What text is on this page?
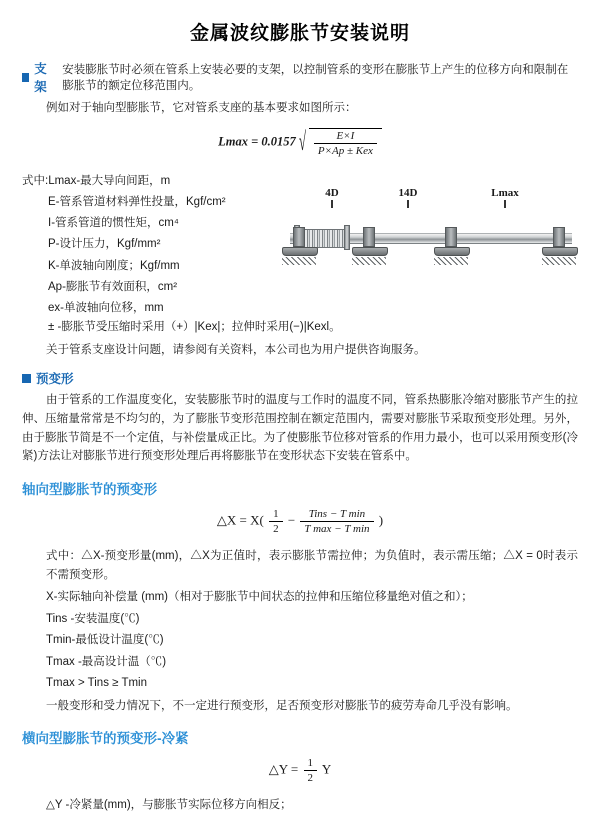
金属波纹膨胀节安装说明
支架
安装膨胀节时必须在管系上安装必要的支架，以控制管系的变形在膨胀节上产生的位移方向和限制在膨胀节的额定位移范围内。

例如对于轴向型膨胀节，它对管系支座的基本要求如图所示：

Lmax = 0.0157 √ $\frac{E\times I}{\text{P×Ap ± Kex}}$
式中:Lmax-最大导向间距，m
E-管系管道材料弹性投量，Kgf/cm²
I-管系管道的惯性矩，cm⁴
P-设计压力，Kgf/mm²
K-单波轴向刚度；Kgf/mm
Ap-膨胀节有效面积，cm²
ex-单波轴向位移，mm
4D	14D	Lmax
± -膨胀节受压缩时采用（+）|Kex|；拉伸时采用(−)|Kexl。

关于管系支座设计问题，请参阅有关资料，本公司也为用户提供咨询服务。

预变形

由于管系的工作温度变化，安装膨胀节时的温度与工作时的温度不同，管系热膨胀冷缩对膨胀节产生的拉伸、压缩量常常是不均匀的，为了膨胀节变形范围控制在额定范围内，需要对膨胀节采取预变形处理。另外，由于膨胀节简是不一个定值，与补偿量成正比。为了使膨胀节位移对管系的作用力最小，也可以采用预变形(冷紧)方法让对膨胀节进行预变形处理后再将膨胀节在变形状态下安装在管系中。

轴向型膨胀节的预变形
△X = $X( \frac{1}{2} - \frac{\text{Tins − T min}}{\text{T max − T min}}$ )

式中：△X-预变形量(mm)，△X为正值时，表示膨胀节需拉伸；为负值时，表示需压缩；△X = 0时表示不需预变形。

X-实际轴向补偿量 (mm)（相对于膨胀节中间状态的拉伸和压缩位移量绝对值之和）；
Tins -安装温度(℃)
Tmin-最低设计温度(℃)
Tmax -最高设计温（℃)
Tmax > Tins ≥ Tmin

一般变形和受力情况下，不一定进行预变形，足否预变形对膨胀节的疲劳寿命几乎没有影响。

横向型膨胀节的预变形-冷紧
△Y = $\frac{1}{2}$ Y

△Y -冷紧量(mm)，与膨胀节实际位移方向相反；
